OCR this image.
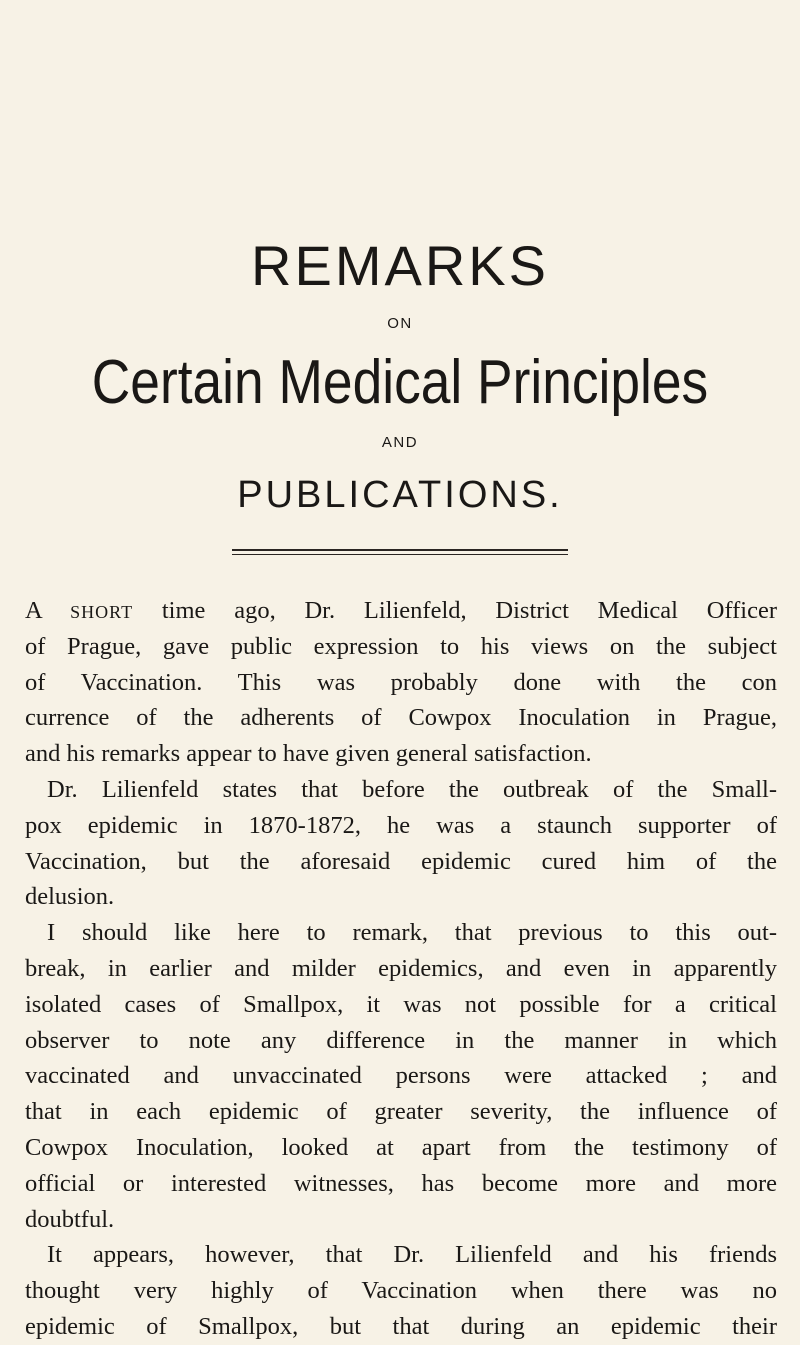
REMARKS
ON
Certain Medical Principles
AND
PUBLICATIONS.
A SHORT time ago, Dr. Lilienfeld, District Medical Officer
of Prague, gave public expression to his views on the subject
of Vaccination. This was probably done with the con
currence of the adherents of Cowpox Inoculation in Prague,
and his remarks appear to have given general satisfaction.
Dr. Lilienfeld states that before the outbreak of the Small-
pox epidemic in 1870-1872, he was a staunch supporter of
Vaccination, but the aforesaid epidemic cured him of the
delusion.
I should like here to remark, that previous to this out-
break, in earlier and milder epidemics, and even in apparently
isolated cases of Smallpox, it was not possible for a critical
observer to note any difference in the manner in which
vaccinated and unvaccinated persons were attacked ; and
that in each epidemic of greater severity, the influence of
Cowpox Inoculation, looked at apart from the testimony of
official or interested witnesses, has become more and more
doubtful.
It appears, however, that Dr. Lilienfeld and his friends
thought very highly of Vaccination when there was no
epidemic of Smallpox, but that during an epidemic their
